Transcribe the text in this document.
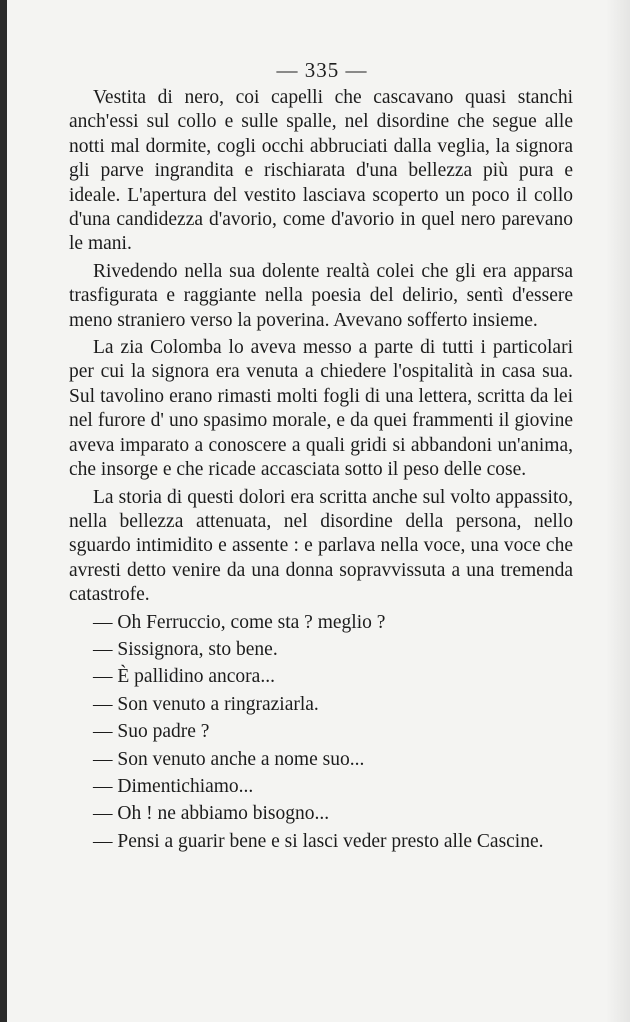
— 335 —

Vestita di nero, coi capelli che cascavano quasi stanchi anch'essi sul collo e sulle spalle, nel disordine che segue alle notti mal dormite, cogli occhi abbruciati dalla veglia, la signora gli parve ingrandita e rischiarata d'una bellezza più pura e ideale. L'apertura del vestito lasciava scoperto un poco il collo d'una candidezza d'avorio, come d'avorio in quel nero parevano le mani.

Rivedendo nella sua dolente realtà colei che gli era apparsa trasfigurata e raggiante nella poesia del delirio, sentì d'essere meno straniero verso la poverina. Avevano sofferto insieme.

La zia Colomba lo aveva messo a parte di tutti i particolari per cui la signora era venuta a chiedere l'ospitalità in casa sua. Sul tavolino erano rimasti molti fogli di una lettera, scritta da lei nel furore d' uno spasimo morale, e da quei frammenti il giovine aveva imparato a conoscere a quali gridi si abbandoni un'anima, che insorge e che ricade accasciata sotto il peso delle cose.

La storia di questi dolori era scritta anche sul volto appassito, nella bellezza attenuata, nel disordine della persona, nello sguardo intimidito e assente : e parlava nella voce, una voce che avresti detto venire da una donna sopravvissuta a una tremenda catastrofe.

— Oh Ferruccio, come sta ? meglio ?

— Sissignora, sto bene.

— È pallidino ancora...

— Son venuto a ringraziarla.

— Suo padre ?

— Son venuto anche a nome suo...

— Dimentichiamo...

— Oh ! ne abbiamo bisogno...

— Pensi a guarir bene e si lasci veder presto alle Cascine.
